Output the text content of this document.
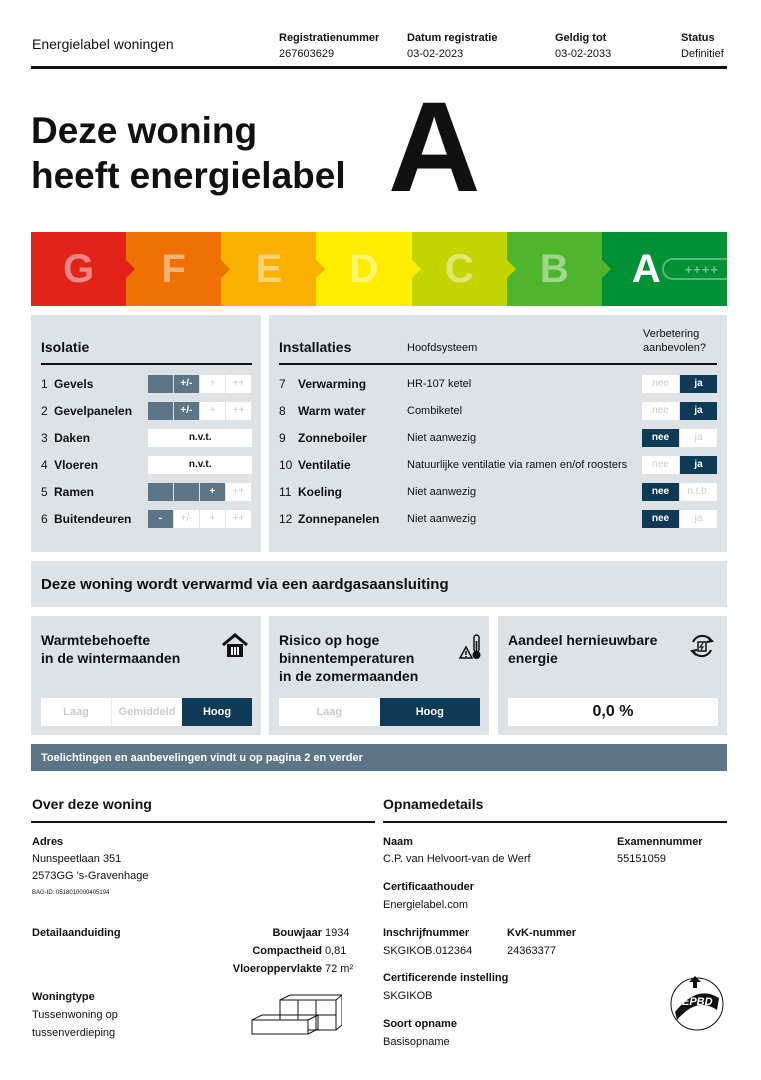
Energielabel woningen	Registratienummer
267603629
Datum registratie
03-02-2023
Geldig tot
03-02-2033
Status
Definitief
Deze woning
heeft energielabel A
G F E D C B A	++++
Isolatie
1 Gevels	+/-	+	++
2 Gevelpanelen	+/-	+	++
3 Daken	n.v.t.
4 Vloeren	n.v.t.
5 Ramen	+	++
6 Buitendeuren	-	+/-	+	++
Installaties	Hoofdsysteem
Verbetering
aanbevolen?
7	Verwarming	HR-107 ketel	nee	ja
8	Warm water	Combiketel	nee	ja
9	Zonneboiler	Niet aanwezig	nee	ja
10 Ventilatie	Natuurlijke ventilatie via ramen en/of roosters	nee	ja
11 Koeling	Niet aanwezig	nee	n.t.b.
12 Zonnepanelen	Niet aanwezig	nee	ja
Deze woning wordt verwarmd via een aardgasaansluiting
Warmtebehoefte
in de wintermaanden
Laag	Gemiddeld	Hoog
Risico op hoge
binnentemperaturen
in de zomermaanden
Laag	Hoog
Aandeel hernieuwbare
energie
0,0 %
Toelichtingen en aanbevelingen vindt u op pagina 2 en verder
Over deze woning
Adres
Nunspeetlaan 351
2573GG 's-Gravenhage
BAG-ID: 0518010000405194
Detailaanduiding	Bouwjaar 1934
Compactheid 0,81
Vloeroppervlakte 72 m²
Woningtype
Tussenwoning op
tussenverdieping
Opnamedetails
Naam
C.P. van Helvoort-van de Werf
Examennummer
55151059
Certificaathouder
Energielabel.com
Inschrijfnummer
SKGIKOB.012364
KvK-nummer
24363377
Certificerende instelling
SKGIKOB
Soort opname
Basisopname
EPBD
